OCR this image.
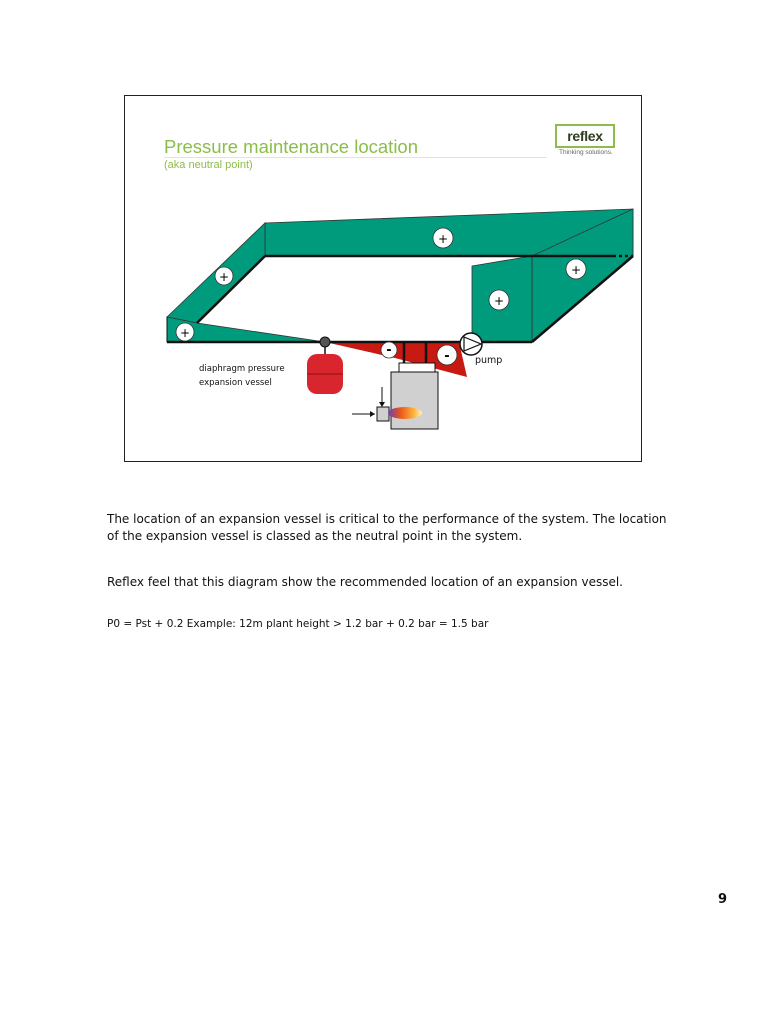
Pressure maintenance location
(aka neutral point)
reflex
Thinking solutions.
+
+
+
+
+
-	-	pump
diaphragm pressure
expansion vessel

The location of an expansion vessel is critical to the performance of the system. The location of the expansion vessel is classed as the neutral point in the system.

Reflex feel that this diagram show the recommended location of an expansion vessel.

P0 = Pst + 0.2 Example: 12m plant height > 1.2 bar + 0.2 bar = 1.5 bar

9
